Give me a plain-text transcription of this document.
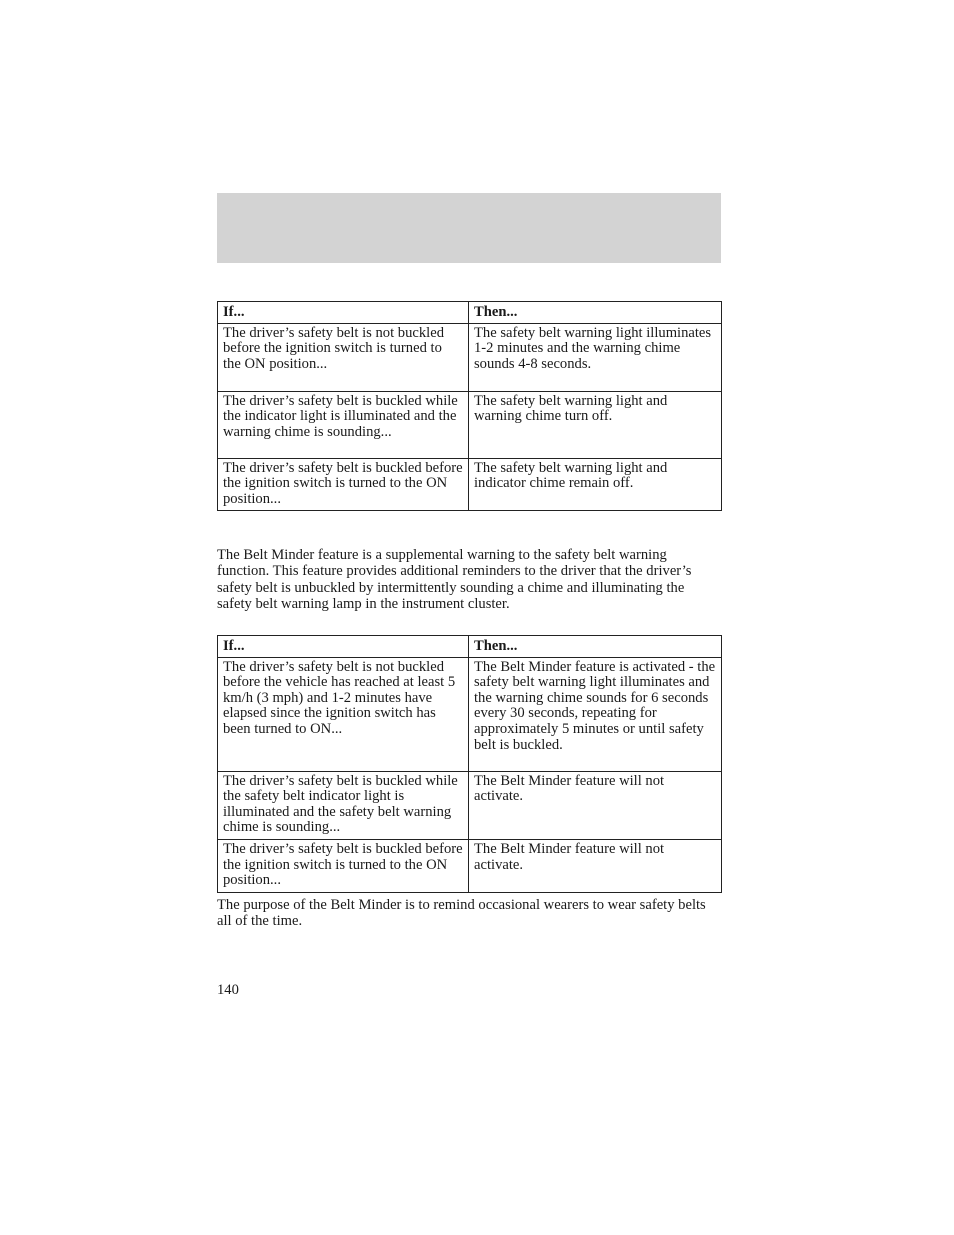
If...	Then...
The driver’s safety belt is not buckled before the ignition switch is turned to the ON position...	The safety belt warning light illuminates 1-2 minutes and the warning chime sounds 4-8 seconds.
The driver’s safety belt is buckled while the indicator light is illuminated and the warning chime is sounding...	The safety belt warning light and warning chime turn off.
The driver’s safety belt is buckled before the ignition switch is turned to the ON position...	The safety belt warning light and indicator chime remain off.

The Belt Minder feature is a supplemental warning to the safety belt warning function. This feature provides additional reminders to the driver that the driver’s safety belt is unbuckled by intermittently sounding a chime and illuminating the safety belt warning lamp in the instrument cluster.

If...	Then...
The driver’s safety belt is not buckled before the vehicle has reached at least 5 km/h (3 mph) and 1-2 minutes have elapsed since the ignition switch has been turned to ON...	The Belt Minder feature is activated - the safety belt warning light illuminates and the warning chime sounds for 6 seconds every 30 seconds, repeating for approximately 5 minutes or until safety belt is buckled.
The driver’s safety belt is buckled while the safety belt indicator light is illuminated and the safety belt warning chime is sounding...	The Belt Minder feature will not activate.
The driver’s safety belt is buckled before the ignition switch is turned to the ON position...	The Belt Minder feature will not activate.

The purpose of the Belt Minder is to remind occasional wearers to wear safety belts all of the time.

140
